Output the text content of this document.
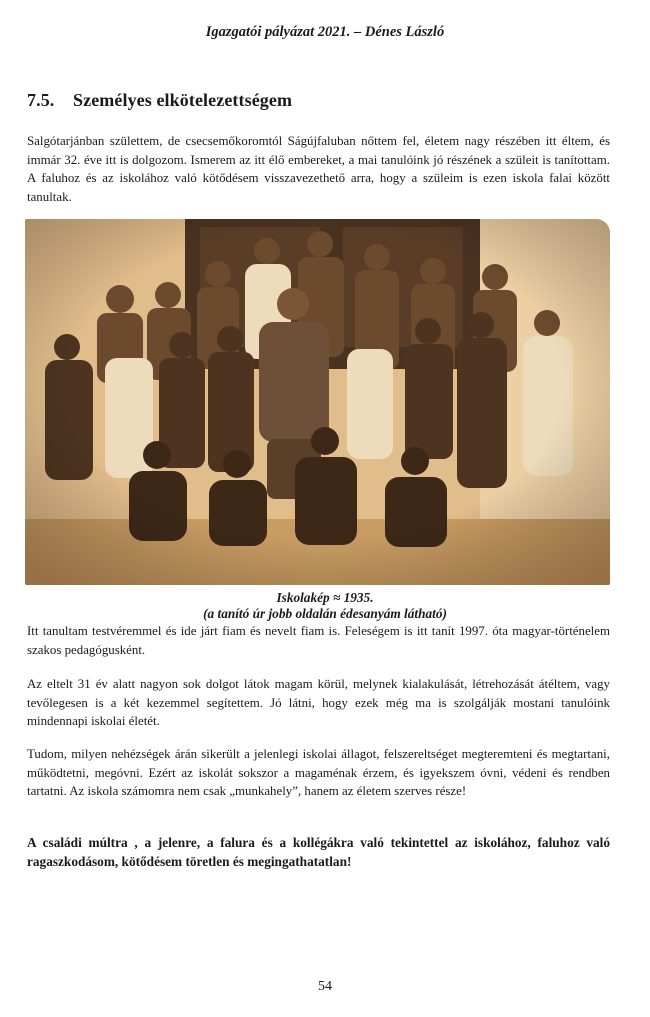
Igazgatói pályázat 2021. – Dénes László
7.5. Személyes elkötelezettségem

Salgótarjánban születtem, de csecsemőkoromtól Ságújfaluban nőttem fel, életem nagy részében itt éltem, és immár 32. éve itt is dolgozom. Ismerem az itt élő embereket, a mai tanulóink jó részének a szüleit is tanítottam. A faluhoz és az iskolához való kötődésem visszavezethető arra, hogy a szüleim is ezen iskola falai között tanultak.

Iskolakép ≈ 1935.
(a tanító úr jobb oldalán édesanyám látható)

Itt tanultam testvéremmel és ide járt fiam és nevelt fiam is. Feleségem is itt tanít 1997. óta magyar-történelem szakos pedagógusként.

Az eltelt 31 év alatt nagyon sok dolgot látok magam körül, melynek kialakulását, létrehozását átéltem, vagy tevőlegesen is a két kezemmel segítettem. Jó látni, hogy ezek még ma is szolgálják mostani tanulóink mindennapi iskolai életét.

Tudom, milyen nehézségek árán sikerült a jelenlegi iskolai állagot, felszereltséget megteremteni és megtartani, működtetni, megóvni. Ezért az iskolát sokszor a magaménak érzem, és igyekszem óvni, védeni és rendben tartatni. Az iskola számomra nem csak „munkahely”, hanem az életem szerves része!

A családi múltra , a jelenre, a falura és a kollégákra való tekintettel az iskolához, faluhoz való ragaszkodásom, kötődésem töretlen és megingathatatlan!

54
